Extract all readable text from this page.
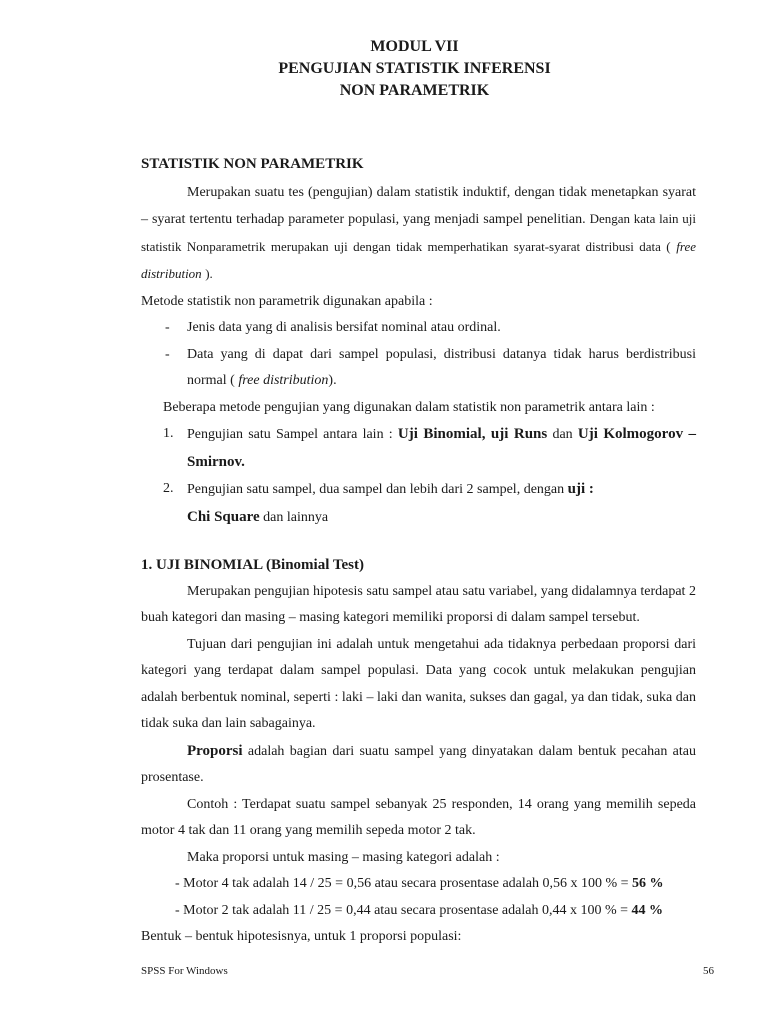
MODUL VII
PENGUJIAN STATISTIK INFERENSI
NON PARAMETRIK

STATISTIK NON PARAMETRIK

Merupakan suatu tes (pengujian) dalam statistik induktif, dengan tidak menetapkan syarat – syarat tertentu terhadap parameter populasi, yang menjadi sampel penelitian. Dengan kata lain uji statistik Nonparametrik merupakan uji dengan tidak memperhatikan syarat-syarat distribusi data ( free distribution ).

Metode statistik non parametrik digunakan apabila :

- Jenis data yang di analisis bersifat nominal atau ordinal.
- Data yang di dapat dari sampel populasi, distribusi datanya tidak harus berdistribusi normal ( free distribution).

Beberapa metode pengujian yang digunakan dalam statistik non parametrik antara lain :

1. Pengujian satu Sampel antara lain : Uji Binomial, uji Runs dan Uji Kolmogorov – Smirnov.
2. Pengujian satu sampel, dua sampel dan lebih dari 2 sampel, dengan uji :
Chi Square dan lainnya

1. UJI BINOMIAL (Binomial Test)

Merupakan pengujian hipotesis satu sampel atau satu variabel, yang didalamnya terdapat 2 buah kategori dan masing – masing kategori memiliki proporsi di dalam sampel tersebut.

Tujuan dari pengujian ini adalah untuk mengetahui ada tidaknya perbedaan proporsi dari kategori yang terdapat dalam sampel populasi. Data yang cocok untuk melakukan pengujian adalah berbentuk nominal, seperti : laki – laki dan wanita, sukses dan gagal, ya dan tidak, suka dan tidak suka dan lain sabagainya.

Proporsi adalah bagian dari suatu sampel yang dinyatakan dalam bentuk pecahan atau prosentase.

Contoh : Terdapat suatu sampel sebanyak 25 responden, 14 orang yang memilih sepeda motor 4 tak dan 11 orang yang memilih sepeda motor 2 tak.

Maka proporsi untuk masing – masing kategori adalah :

- Motor 4 tak adalah 14 / 25 = 0,56 atau secara prosentase adalah 0,56 x 100 % = 56 %
- Motor 2 tak adalah 11 / 25 = 0,44 atau secara prosentase adalah 0,44 x 100 % = 44 %

Bentuk – bentuk hipotesisnya, untuk 1 proporsi populasi:

SPSS For Windows	56
